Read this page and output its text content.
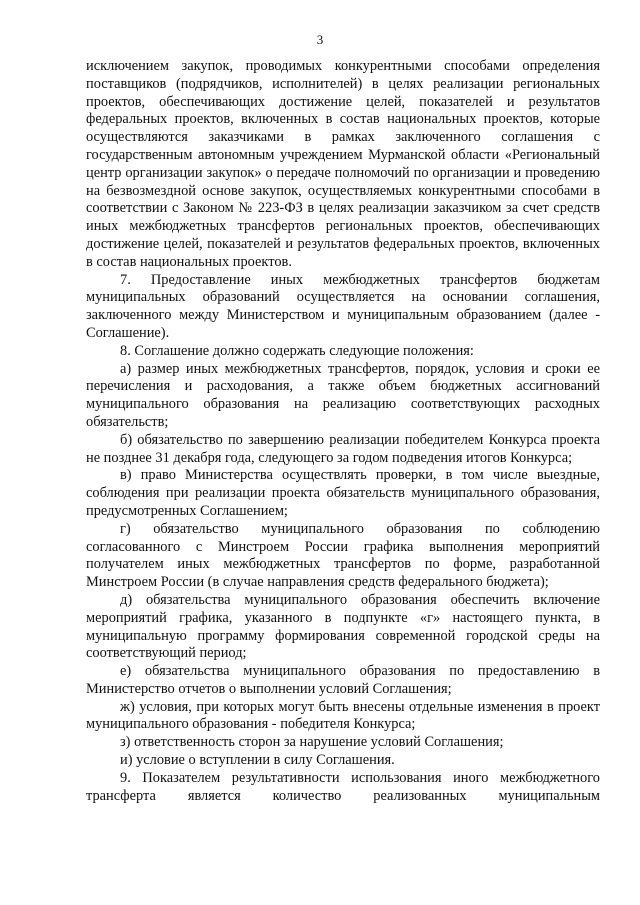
3

исключением закупок, проводимых конкурентными способами определения поставщиков (подрядчиков, исполнителей) в целях реализации региональных проектов, обеспечивающих достижение целей, показателей и результатов федеральных проектов, включенных в состав национальных проектов, которые осуществляются заказчиками в рамках заключенного соглашения с государственным автономным учреждением Мурманской области «Региональный центр организации закупок» о передаче полномочий по организации и проведению на безвозмездной основе закупок, осуществляемых конкурентными способами в соответствии с Законом № 223-ФЗ в целях реализации заказчиком за счет средств иных межбюджетных трансфертов региональных проектов, обеспечивающих достижение целей, показателей и результатов федеральных проектов, включенных в состав национальных проектов.

7. Предоставление иных межбюджетных трансфертов бюджетам муниципальных образований осуществляется на основании соглашения, заключенного между Министерством и муниципальным образованием (далее - Соглашение).

8. Соглашение должно содержать следующие положения:

а) размер иных межбюджетных трансфертов, порядок, условия и сроки ее перечисления и расходования, а также объем бюджетных ассигнований муниципального образования на реализацию соответствующих расходных обязательств;

б) обязательство по завершению реализации победителем Конкурса проекта не позднее 31 декабря года, следующего за годом подведения итогов Конкурса;

в) право Министерства осуществлять проверки, в том числе выездные, соблюдения при реализации проекта обязательств муниципального образования, предусмотренных Соглашением;

г) обязательство муниципального образования по соблюдению согласованного с Минстроем России графика выполнения мероприятий получателем иных межбюджетных трансфертов по форме, разработанной Минстроем России (в случае направления средств федерального бюджета);

д) обязательства муниципального образования обеспечить включение мероприятий графика, указанного в подпункте «г» настоящего пункта, в муниципальную программу формирования современной городской среды на соответствующий период;

е) обязательства муниципального образования по предоставлению в Министерство отчетов о выполнении условий Соглашения;

ж) условия, при которых могут быть внесены отдельные изменения в проект муниципального образования - победителя Конкурса;

з) ответственность сторон за нарушение условий Соглашения;

и) условие о вступлении в силу Соглашения.

9. Показателем результативности использования иного межбюджетного трансферта является количество реализованных муниципальным
